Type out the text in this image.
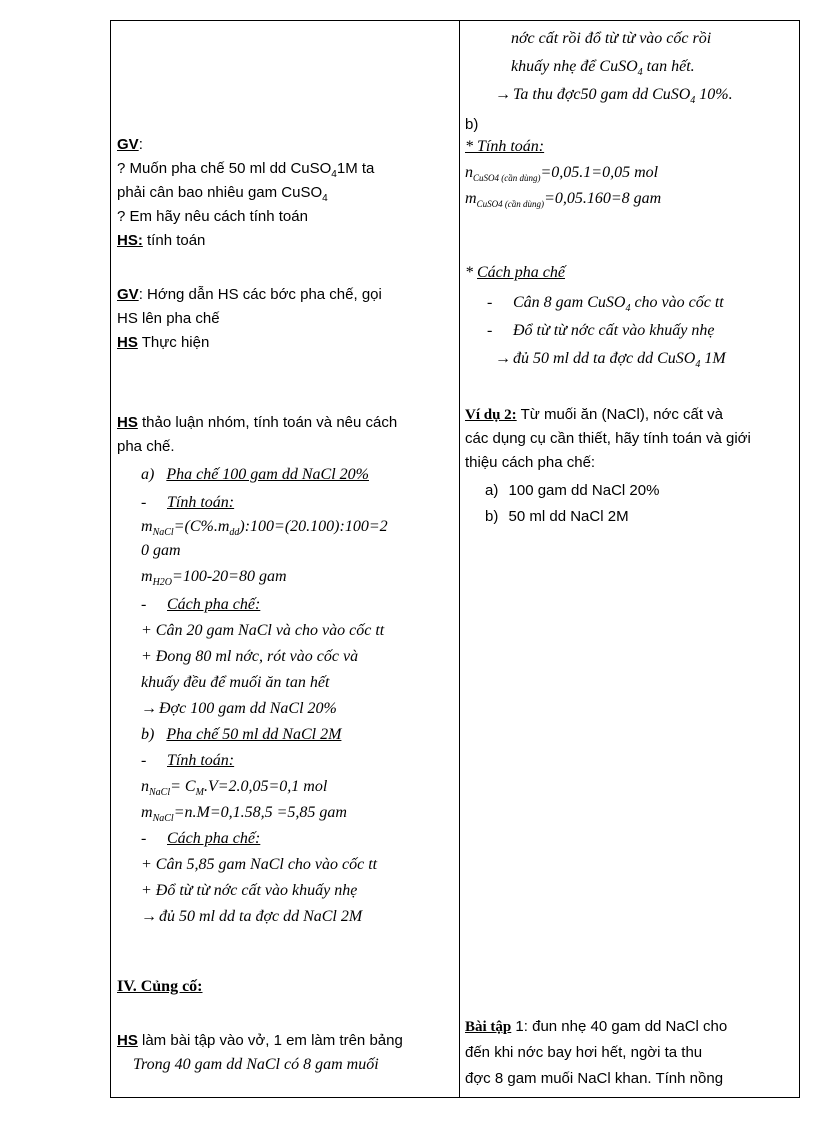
GV:
? Muốn pha chế 50 ml dd CuSO$_4$1M ta
phải cân bao nhiêu gam CuSO$_4$
? Em hãy nêu cách tính toán
HS: tính toán
GV: Hớng dẫn HS các bớc pha chế, gọi
HS lên pha chế
HS Thực hiện
HS thảo luận nhóm, tính toán và nêu cách
pha chế.
a) Pha chế 100 gam dd NaCl 20%
- Tính toán:
$m_{NaCl}=(C\%.m_{dd}):100=(20.100):100=2$
0 gam
$m_{H2O}=100-20=80$ gam
- Cách pha chế:
+ Cân 20 gam NaCl và cho vào cốc tt
+ Đong 80 ml nớc, rót vào cốc và
khuấy đều để muối ăn tan hết
→ Đợc 100 gam dd NaCl 20%
b) Pha chế 50 ml dd NaCl 2M
- Tính toán:
$n_{NaCl}= C_M.V=2.0,05=0,1$ mol
$m_{NaCl}=n.M=0,1.58,5 =5,85$ gam
- Cách pha chế:
+ Cân 5,85 gam NaCl cho vào cốc tt
+ Đổ từ từ nớc cất vào khuấy nhẹ
→ đủ 50 ml dd ta đợc dd NaCl 2M
IV. Củng cố:
HS làm bài tập vào vở, 1 em làm trên bảng
Trong 40 gam dd NaCl có 8 gam muối
nớc cất rồi đổ từ từ vào cốc rồi
khuấy nhẹ để CuSO$_4$ tan hết.
→ Ta thu đợc50 gam dd CuSO$_4$ 10%.
b)
* Tính toán:
$n_{CuSO4 (cần dùng)}=0,05.1=0,05$ mol
$m_{CuSO4 (cần dùng)}=0,05.160=8$ gam
* Cách pha chế
- Cân 8 gam CuSO$_4$ cho vào cốc tt
- Đổ từ từ nớc cất vào khuấy nhẹ
→ đủ 50 ml dd ta đợc dd CuSO$_4$ 1M
Ví dụ 2: Từ muối ăn (NaCl), nớc cất và
các dụng cụ cần thiết, hãy tính toán và giới
thiệu cách pha chế:
a) 100 gam dd NaCl 20%
b) 50 ml dd NaCl 2M
Bài tập 1: đun nhẹ 40 gam dd NaCl cho
đến khi nớc bay hơi hết, ngời ta thu
đợc 8 gam muối NaCl khan. Tính nồng
